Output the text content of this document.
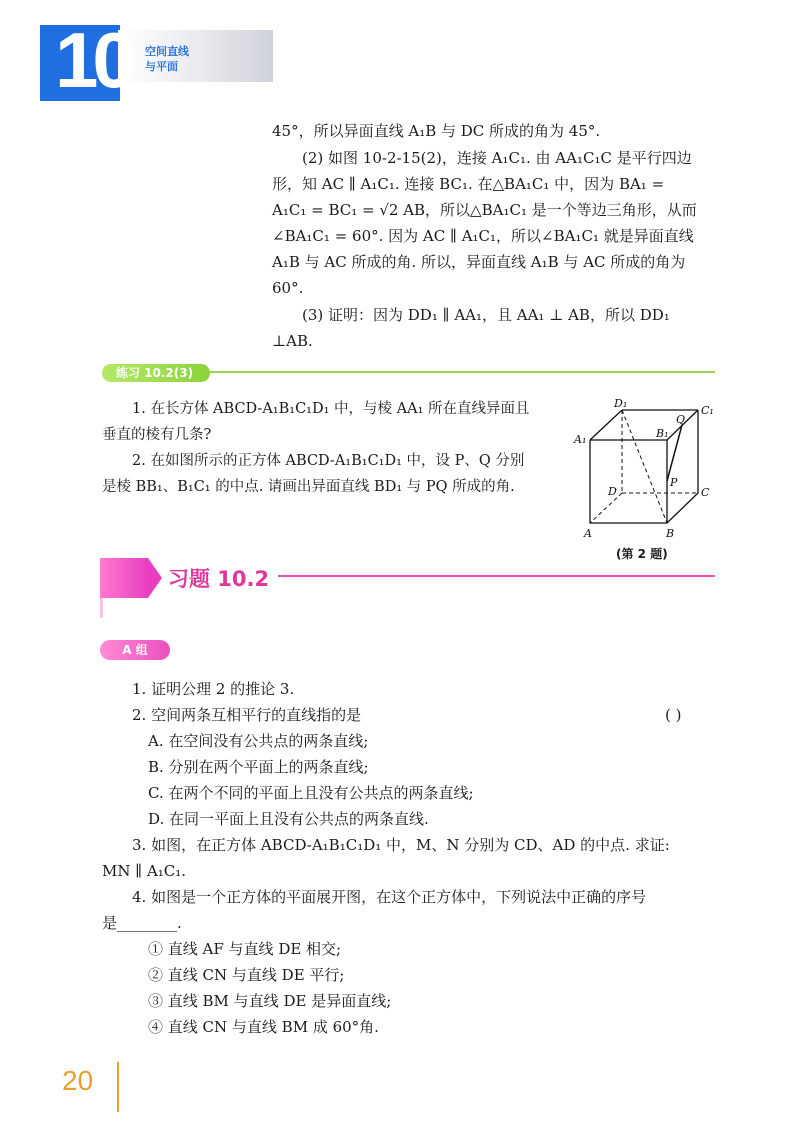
10 空间直线
与平面
45°，所以异面直线 A₁B 与 DC 所成的角为 45°.
(2) 如图 10-2-15(2)，连接 A₁C₁. 由 AA₁C₁C 是平行四边
形，知 AC ∥ A₁C₁. 连接 BC₁. 在△BA₁C₁ 中，因为 BA₁ =
A₁C₁ = BC₁ = √2 AB，所以△BA₁C₁ 是一个等边三角形，从而
∠BA₁C₁ = 60°. 因为 AC ∥ A₁C₁，所以∠BA₁C₁ 就是异面直线
A₁B 与 AC 所成的角. 所以，异面直线 A₁B 与 AC 所成的角为
60°.
(3) 证明：因为 DD₁ ∥ AA₁，且 AA₁ ⊥ AB，所以 DD₁
⊥AB.
练习 10.2(3)
1. 在长方体 ABCD-A₁B₁C₁D₁ 中，与棱 AA₁ 所在直线异面且
垂直的棱有几条?
2. 在如图所示的正方体 ABCD-A₁B₁C₁D₁ 中，设 P、Q 分别
是棱 BB₁、B₁C₁ 的中点. 请画出异面直线 BD₁ 与 PQ 所成的角.
D₁
C₁
A₁	B₁
Q
D	C
P
A	B
(第 2 题)
习题 10.2
A 组
1. 证明公理 2 的推论 3.
2. 空间两条互相平行的直线指的是	( )
A. 在空间没有公共点的两条直线;
B. 分别在两个平面上的两条直线;
C. 在两个不同的平面上且没有公共点的两条直线;
D. 在同一平面上且没有公共点的两条直线.
3. 如图，在正方体 ABCD-A₁B₁C₁D₁ 中，M、N 分别为 CD、AD 的中点. 求证:
MN ∥ A₁C₁.
4. 如图是一个正方体的平面展开图，在这个正方体中，下列说法中正确的序号
是________.
① 直线 AF 与直线 DE 相交;
② 直线 CN 与直线 DE 平行;
③ 直线 BM 与直线 DE 是异面直线;
④ 直线 CN 与直线 BM 成 60°角.
20
